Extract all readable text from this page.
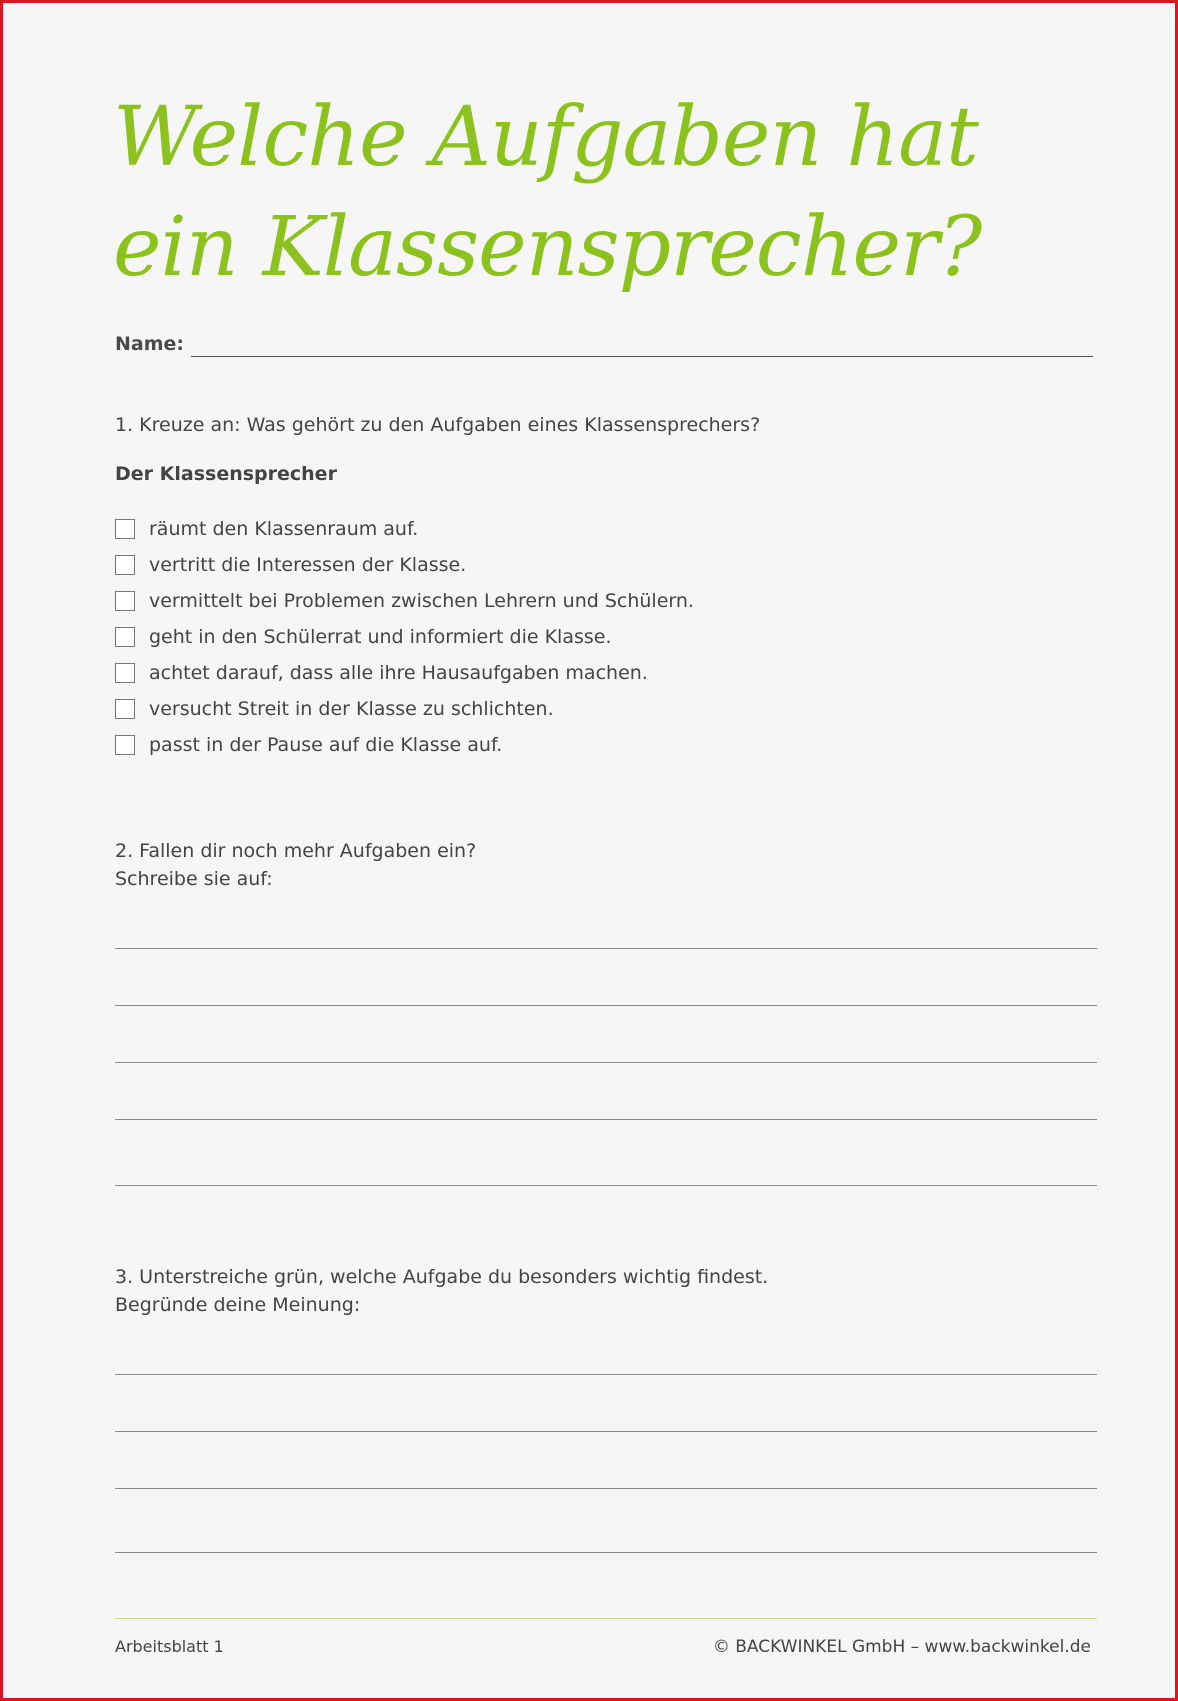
Welche Aufgaben hat
ein Klassensprecher?
Name:

1. Kreuze an: Was gehört zu den Aufgaben eines Klassensprechers?

Der Klassensprecher
räumt den Klassenraum auf.
vertritt die Interessen der Klasse.
vermittelt bei Problemen zwischen Lehrern und Schülern.
geht in den Schülerrat und informiert die Klasse.
achtet darauf, dass alle ihre Hausaufgaben machen.
versucht Streit in der Klasse zu schlichten.
passt in der Pause auf die Klasse auf.

2. Fallen dir noch mehr Aufgaben ein?
Schreibe sie auf:

3. Unterstreiche grün, welche Aufgabe du besonders wichtig findest.
Begründe deine Meinung:

Arbeitsblatt 1	© BACKWINKEL GmbH – www.backwinkel.de
